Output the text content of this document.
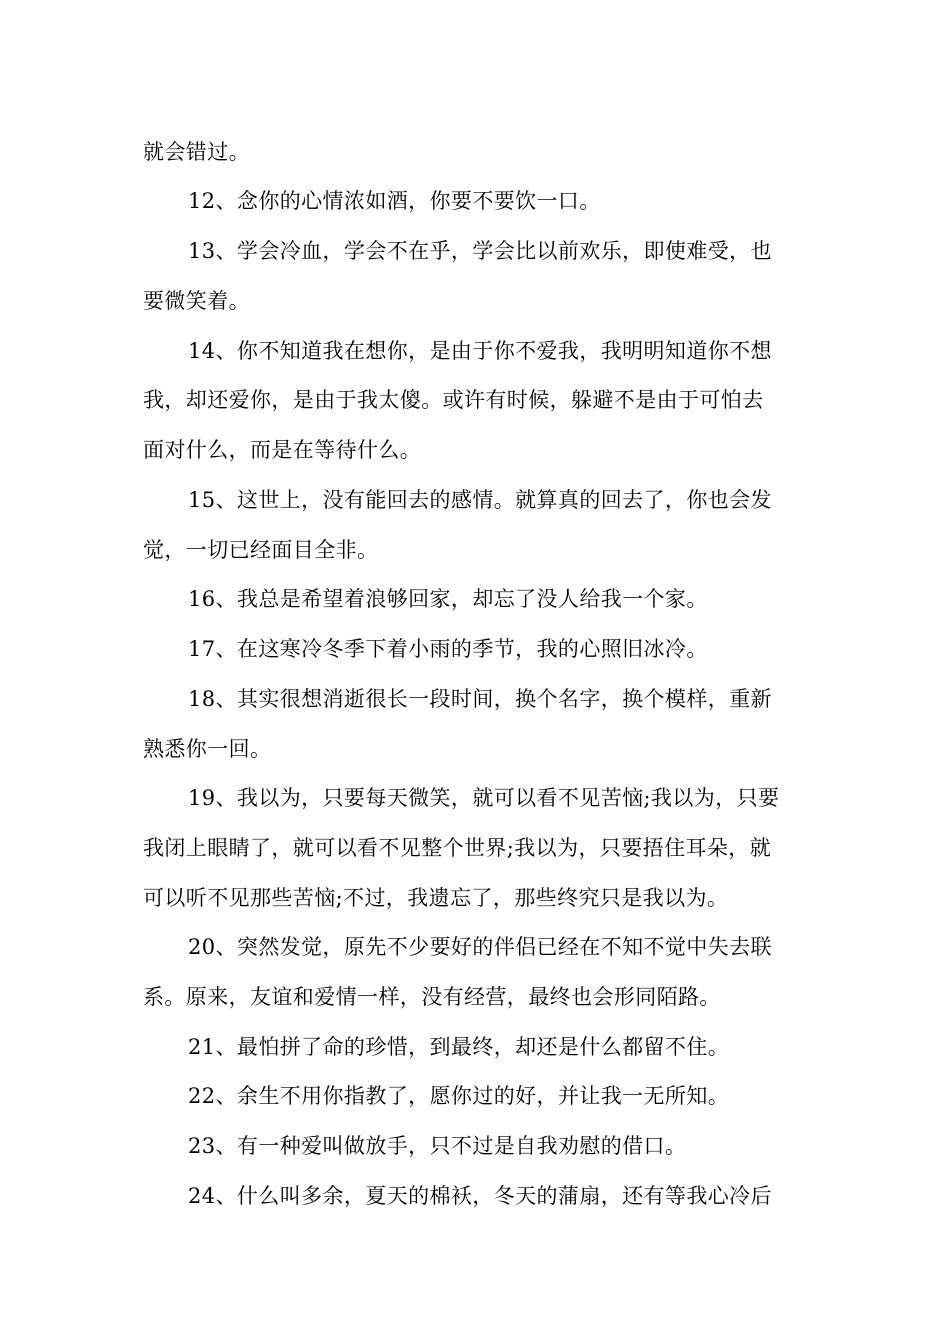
就会错过。
12、念你的心情浓如酒，你要不要饮一口。
13、学会冷血，学会不在乎，学会比以前欢乐，即使难受，也
要微笑着。
14、你不知道我在想你，是由于你不爱我，我明明知道你不想
我，却还爱你，是由于我太傻。或许有时候，躲避不是由于可怕去
面对什么，而是在等待什么。
15、这世上，没有能回去的感情。就算真的回去了，你也会发
觉，一切已经面目全非。
16、我总是希望着浪够回家，却忘了没人给我一个家。
17、在这寒冷冬季下着小雨的季节，我的心照旧冰冷。
18、其实很想消逝很长一段时间，换个名字，换个模样，重新
熟悉你一回。
19、我以为，只要每天微笑，就可以看不见苦恼;我以为，只要
我闭上眼睛了，就可以看不见整个世界;我以为，只要捂住耳朵，就
可以听不见那些苦恼;不过，我遗忘了，那些终究只是我以为。
20、突然发觉，原先不少要好的伴侣已经在不知不觉中失去联
系。原来，友谊和爱情一样，没有经营，最终也会形同陌路。
21、最怕拼了命的珍惜，到最终，却还是什么都留不住。
22、余生不用你指教了，愿你过的好，并让我一无所知。
23、有一种爱叫做放手，只不过是自我劝慰的借口。
24、什么叫多余，夏天的棉袄，冬天的蒲扇，还有等我心冷后
